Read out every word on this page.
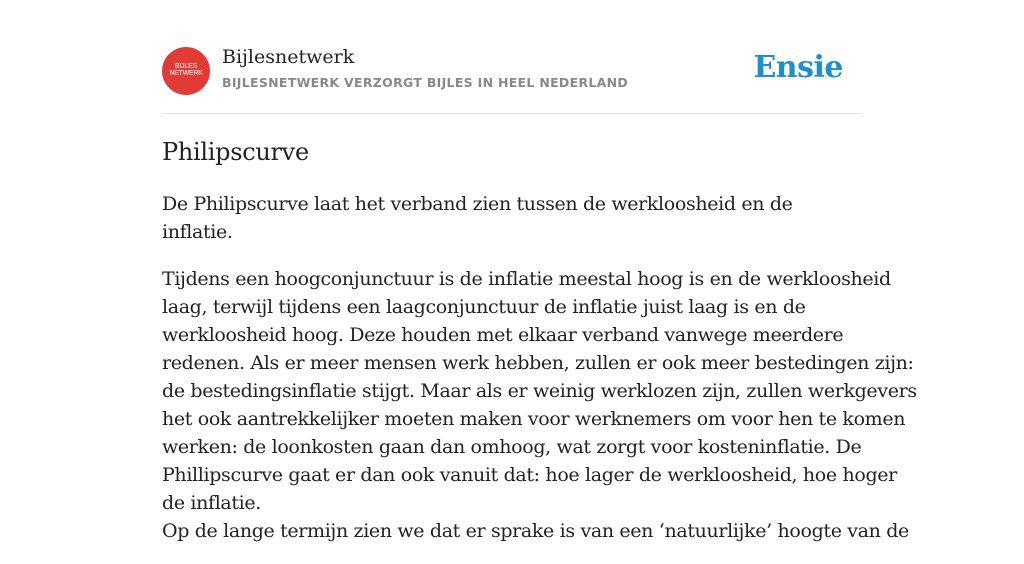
BIJLES
NETWERK
Bijlesnetwerk
BIJLESNETWERK VERZORGT BIJLES IN HEEL NEDERLAND	Ensie
Philipscurve

De Philipscurve laat het verband zien tussen de werkloosheid en de inflatie.

Tijdens een hoogconjunctuur is de inflatie meestal hoog is en de werkloosheid
laag, terwijl tijdens een laagconjunctuur de inflatie juist laag is en de
werkloosheid hoog. Deze houden met elkaar verband vanwege meerdere
redenen. Als er meer mensen werk hebben, zullen er ook meer bestedingen zijn:
de bestedingsinflatie stijgt. Maar als er weinig werklozen zijn, zullen werkgevers
het ook aantrekkelijker moeten maken voor werknemers om voor hen te komen
werken: de loonkosten gaan dan omhoog, wat zorgt voor kosteninflatie. De
Phillipscurve gaat er dan ook vanuit dat: hoe lager de werkloosheid, hoe hoger
de inflatie.
Op de lange termijn zien we dat er sprake is van een ‘natuurlijke’ hoogte van de
